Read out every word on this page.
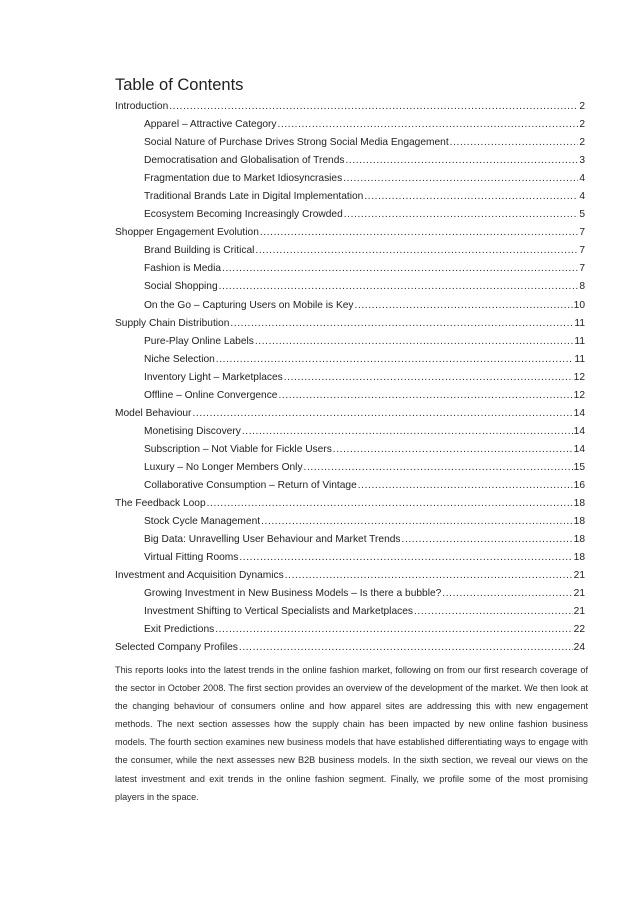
Table of Contents
Introduction .....	2
Apparel – Attractive Category .....	2
Social Nature of Purchase Drives Strong Social Media Engagement .....	2
Democratisation and Globalisation of Trends .....	3
Fragmentation due to Market Idiosyncrasies .....	4
Traditional Brands Late in Digital Implementation .....	4
Ecosystem Becoming Increasingly Crowded .....	5
Shopper Engagement Evolution .....	7
Brand Building is Critical .....	7
Fashion is Media .....	7
Social Shopping .....	8
On the Go – Capturing Users on Mobile is Key .....	10
Supply Chain Distribution .....	11
Pure-Play Online Labels .....	11
Niche Selection .....	11
Inventory Light – Marketplaces .....	12
Offline – Online Convergence .....	12
Model Behaviour .....	14
Monetising Discovery .....	14
Subscription – Not Viable for Fickle Users .....	14
Luxury – No Longer Members Only .....	15
Collaborative Consumption – Return of Vintage .....	16
The Feedback Loop .....	18
Stock Cycle Management .....	18
Big Data: Unravelling User Behaviour and Market Trends .....	18
Virtual Fitting Rooms .....	18
Investment and Acquisition Dynamics .....	21
Growing Investment in New Business Models – Is there a bubble? .....	21
Investment Shifting to Vertical Specialists and Marketplaces .....	21
Exit Predictions .....	22
Selected Company Profiles .....	24
This reports looks into the latest trends in the online fashion market, following on from our first research coverage of the sector in October 2008. The first section provides an overview of the development of the market. We then look at the changing behaviour of consumers online and how apparel sites are addressing this with new engagement methods. The next section assesses how the supply chain has been impacted by new online fashion business models. The fourth section examines new business models that have established differentiating ways to engage with the consumer, while the next assesses new B2B business models. In the sixth section, we reveal our views on the latest investment and exit trends in the online fashion segment. Finally, we profile some of the most promising players in the space.
